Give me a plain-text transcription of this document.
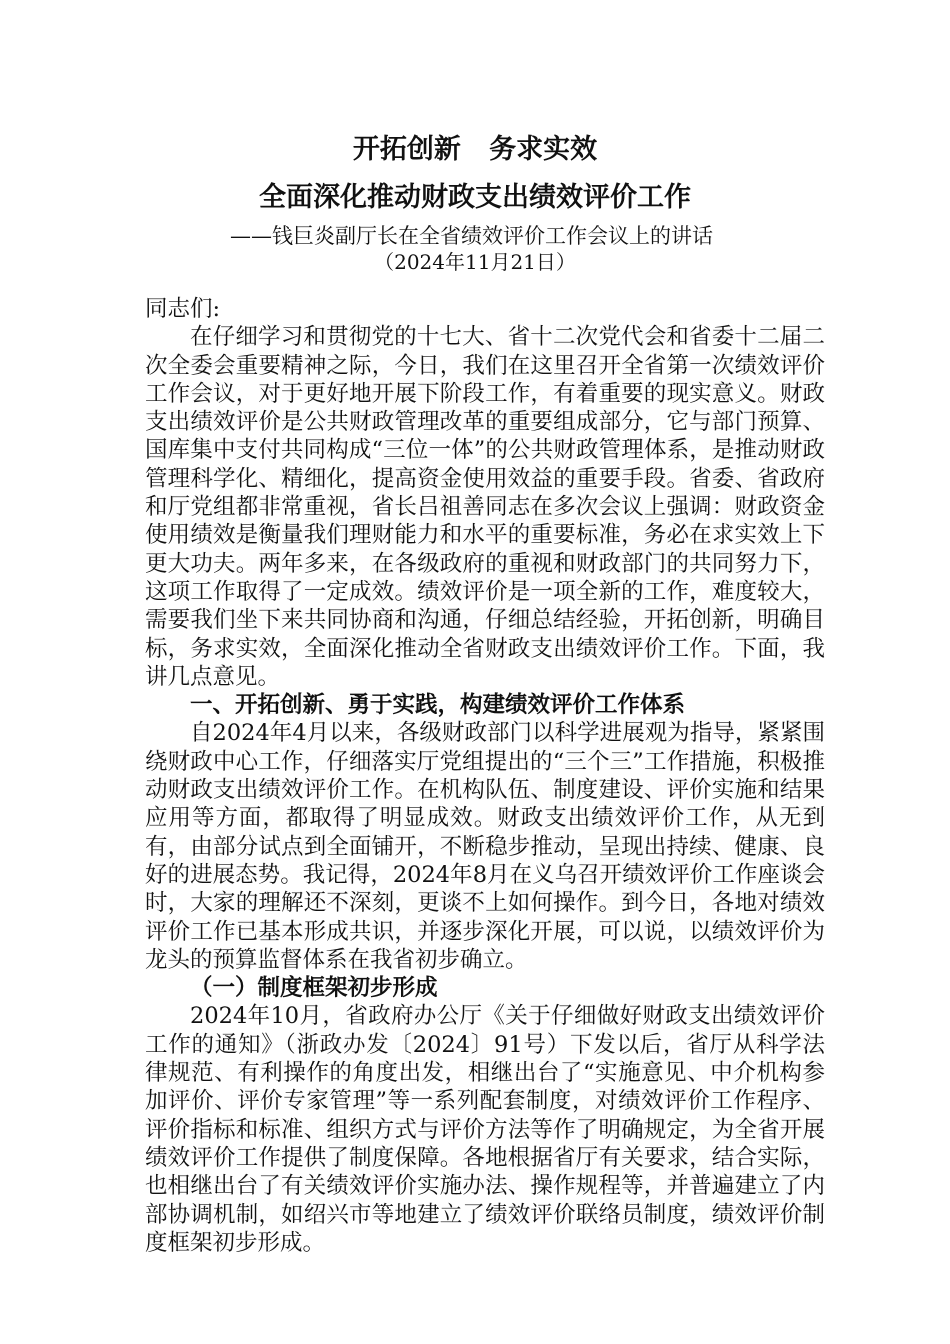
开拓创新   务求实效
全面深化推动财政支出绩效评价工作
——钱巨炎副厅长在全省绩效评价工作会议上的讲话
（2024年11月21日）

同志们:

在仔细学习和贯彻党的十七大、省十二次党代会和省委十二届二次全委会重要精神之际，今日，我们在这里召开全省第一次绩效评价工作会议，对于更好地开展下阶段工作，有着重要的现实意义。财政支出绩效评价是公共财政管理改革的重要组成部分，它与部门预算、国库集中支付共同构成“三位一体”的公共财政管理体系，是推动财政管理科学化、精细化，提高资金使用效益的重要手段。省委、省政府和厅党组都非常重视，省长吕祖善同志在多次会议上强调：财政资金使用绩效是衡量我们理财能力和水平的重要标准，务必在求实效上下更大功夫。两年多来，在各级政府的重视和财政部门的共同努力下，这项工作取得了一定成效。绩效评价是一项全新的工作，难度较大，需要我们坐下来共同协商和沟通，仔细总结经验，开拓创新，明确目标，务求实效，全面深化推动全省财政支出绩效评价工作。下面，我讲几点意见。

一、开拓创新、勇于实践，构建绩效评价工作体系

自2024年4月以来，各级财政部门以科学进展观为指导，紧紧围绕财政中心工作，仔细落实厅党组提出的“三个三”工作措施，积极推动财政支出绩效评价工作。在机构队伍、制度建设、评价实施和结果应用等方面，都取得了明显成效。财政支出绩效评价工作，从无到有，由部分试点到全面铺开，不断稳步推动，呈现出持续、健康、良好的进展态势。我记得，2024年8月在义乌召开绩效评价工作座谈会时，大家的理解还不深刻，更谈不上如何操作。到今日，各地对绩效评价工作已基本形成共识，并逐步深化开展，可以说，以绩效评价为龙头的预算监督体系在我省初步确立。

（一）制度框架初步形成

2024年10月，省政府办公厅《关于仔细做好财政支出绩效评价工作的通知》（浙政办发〔2024〕91号）下发以后，省厅从科学法律规范、有利操作的角度出发，相继出台了“实施意见、中介机构参加评价、评价专家管理”等一系列配套制度，对绩效评价工作程序、评价指标和标准、组织方式与评价方法等作了明确规定，为全省开展绩效评价工作提供了制度保障。各地根据省厅有关要求，结合实际，也相继出台了有关绩效评价实施办法、操作规程等，并普遍建立了内部协调机制，如绍兴市等地建立了绩效评价联络员制度，绩效评价制度框架初步形成。
